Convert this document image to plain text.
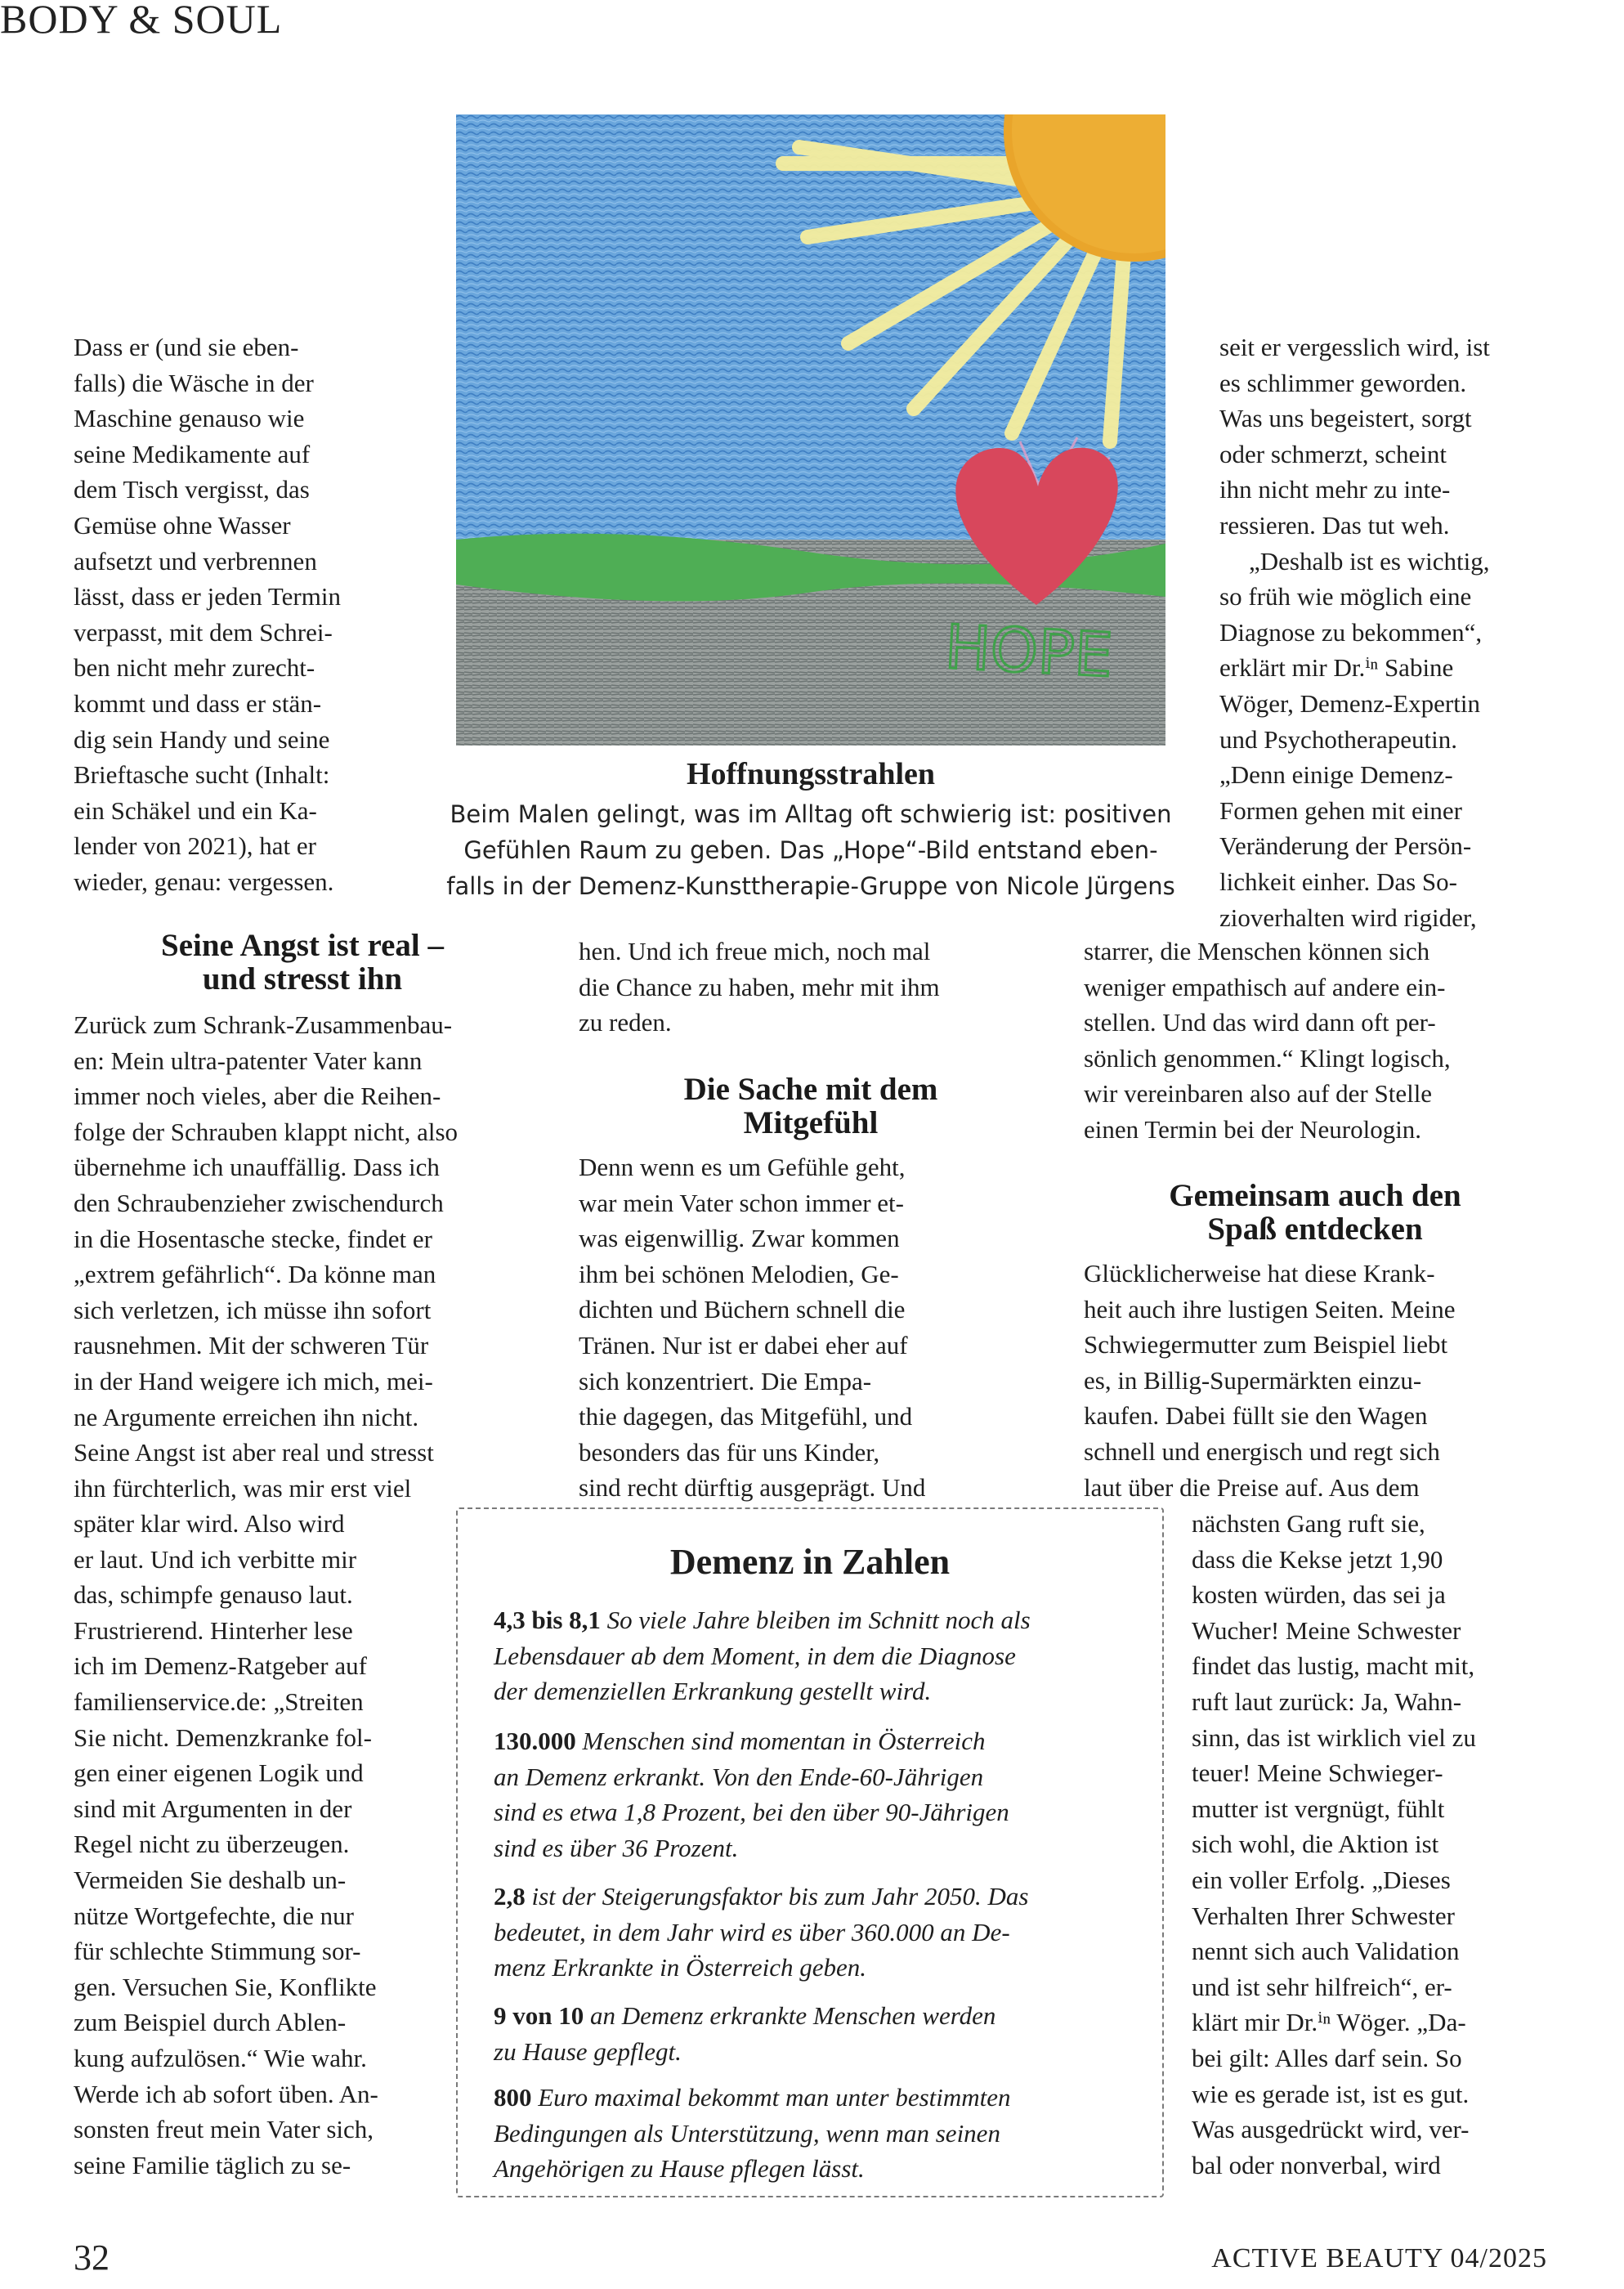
BODY & SOUL
32	ACTIVE BEAUTY 04/2025
HOPE
Hoffnungsstrahlen
Beim Malen gelingt, was im Alltag oft schwierig ist: positiven
Gefühlen Raum zu geben. Das „Hope“-Bild entstand eben-
falls in der Demenz-Kunsttherapie-Gruppe von Nicole Jürgens
Dass er (und sie eben-
falls) die Wäsche in der
Maschine genauso wie
seine Medikamente auf
dem Tisch vergisst, das
Gemüse ohne Wasser
aufsetzt und verbrennen
lässt, dass er jeden Termin
verpasst, mit dem Schrei-
ben nicht mehr zurecht-
kommt und dass er stän-
dig sein Handy und seine
Brieftasche sucht (Inhalt:
ein Schäkel und ein Ka-
lender von 2021), hat er
wieder, genau: vergessen.
Seine Angst ist real –
und stresst ihn
Zurück zum Schrank-Zusammenbau-
en: Mein ultra-patenter Vater kann
immer noch vieles, aber die Reihen-
folge der Schrauben klappt nicht, also
übernehme ich unauffällig. Dass ich
den Schraubenzieher zwischendurch
in die Hosentasche stecke, findet er
„extrem gefährlich“. Da könne man
sich verletzen, ich müsse ihn sofort
rausnehmen. Mit der schweren Tür
in der Hand weigere ich mich, mei-
ne Argumente erreichen ihn nicht.
Seine Angst ist aber real und stresst
ihn fürchterlich, was mir erst viel
später klar wird. Also wird
er laut. Und ich verbitte mir
das, schimpfe genauso laut.
Frustrierend. Hinterher lese
ich im Demenz-Ratgeber auf
familienservice.de: „Streiten
Sie nicht. Demenzkranke fol-
gen einer eigenen Logik und
sind mit Argumenten in der
Regel nicht zu überzeugen.
Vermeiden Sie deshalb un-
nütze Wortgefechte, die nur
für schlechte Stimmung sor-
gen. Versuchen Sie, Konflikte
zum Beispiel durch Ablen-
kung aufzulösen.“ Wie wahr.
Werde ich ab sofort üben. An-
sonsten freut mein Vater sich,
seine Familie täglich zu se-
hen. Und ich freue mich, noch mal
die Chance zu haben, mehr mit ihm
zu reden.
Die Sache mit dem
Mitgefühl
Denn wenn es um Gefühle geht,
war mein Vater schon immer et-
was eigenwillig. Zwar kommen
ihm bei schönen Melodien, Ge-
dichten und Büchern schnell die
Tränen. Nur ist er dabei eher auf
sich konzentriert. Die Empa-
thie dagegen, das Mitgefühl, und
besonders das für uns Kinder,
sind recht dürftig ausgeprägt. Und
seit er vergesslich wird, ist
es schlimmer geworden.
Was uns begeistert, sorgt
oder schmerzt, scheint
ihn nicht mehr zu inte-
ressieren. Das tut weh.
„Deshalb ist es wichtig,
so früh wie möglich eine
Diagnose zu bekommen“,
erklärt mir Dr.ⁱⁿ Sabine
Wöger, Demenz-Expertin
und Psychotherapeutin.
„Denn einige Demenz-
Formen gehen mit einer
Veränderung der Persön-
lichkeit einher. Das So-
zioverhalten wird rigider,
starrer, die Menschen können sich
weniger empathisch auf andere ein-
stellen. Und das wird dann oft per-
sönlich genommen.“ Klingt logisch,
wir vereinbaren also auf der Stelle
einen Termin bei der Neurologin.
Gemeinsam auch den
Spaß entdecken
Glücklicherweise hat diese Krank-
heit auch ihre lustigen Seiten. Meine
Schwiegermutter zum Beispiel liebt
es, in Billig-Supermärkten einzu-
kaufen. Dabei füllt sie den Wagen
schnell und energisch und regt sich
laut über die Preise auf. Aus dem
nächsten Gang ruft sie,
dass die Kekse jetzt 1,90
kosten würden, das sei ja
Wucher! Meine Schwester
findet das lustig, macht mit,
ruft laut zurück: Ja, Wahn-
sinn, das ist wirklich viel zu
teuer! Meine Schwieger-
mutter ist vergnügt, fühlt
sich wohl, die Aktion ist
ein voller Erfolg. „Dieses
Verhalten Ihrer Schwester
nennt sich auch Validation
und ist sehr hilfreich“, er-
klärt mir Dr.ⁱⁿ Wöger. „Da-
bei gilt: Alles darf sein. So
wie es gerade ist, ist es gut.
Was ausgedrückt wird, ver-
bal oder nonverbal, wird
Demenz in Zahlen
4,3 bis 8,1 So viele Jahre bleiben im Schnitt noch als
Lebensdauer ab dem Moment, in dem die Diagnose
der demenziellen Erkrankung gestellt wird.
130.000 Menschen sind momentan in Österreich
an Demenz erkrankt. Von den Ende-60-Jährigen
sind es etwa 1,8 Prozent, bei den über 90-Jährigen
sind es über 36 Prozent.
2,8 ist der Steigerungsfaktor bis zum Jahr 2050. Das
bedeutet, in dem Jahr wird es über 360.000 an De-
menz Erkrankte in Österreich geben.
9 von 10 an Demenz erkrankte Menschen werden
zu Hause gepflegt.
800 Euro maximal bekommt man unter bestimmten
Bedingungen als Unterstützung, wenn man seinen
Angehörigen zu Hause pflegen lässt.
